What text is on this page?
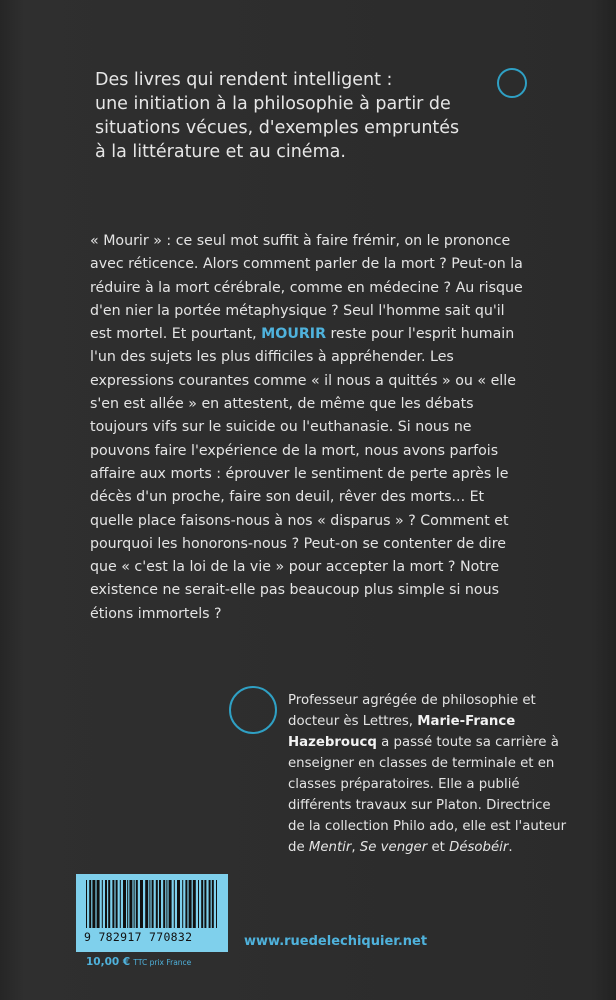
Des livres qui rendent intelligent :
une initiation à la philosophie à partir de
situations vécues, d'exemples empruntés
à la littérature et au cinéma.

« Mourir » : ce seul mot suffit à faire frémir, on le prononce avec réticence. Alors comment parler de la mort ? Peut-on la réduire à la mort cérébrale, comme en médecine ? Au risque d'en nier la portée métaphysique ? Seul l'homme sait qu'il est mortel. Et pourtant, MOURIR reste pour l'esprit humain l'un des sujets les plus difficiles à appréhender. Les expressions courantes comme « il nous a quittés » ou « elle s'en est allée » en attestent, de même que les débats toujours vifs sur le suicide ou l'euthanasie. Si nous ne pouvons faire l'expérience de la mort, nous avons parfois affaire aux morts : éprouver le sentiment de perte après le décès d'un proche, faire son deuil, rêver des morts... Et quelle place faisons-nous à nos « disparus » ? Comment et pourquoi les honorons-nous ? Peut-on se contenter de dire que « c'est la loi de la vie » pour accepter la mort ? Notre existence ne serait-elle pas beaucoup plus simple si nous étions immortels ?

Professeur agrégée de philosophie et docteur ès Lettres, Marie-France Hazebroucq a passé toute sa carrière à enseigner en classes de terminale et en classes préparatoires. Elle a publié différents travaux sur Platon. Directrice de la collection Philo ado, elle est l'auteur de Mentir, Se venger et Désobéir.

9 782917 770832	www.ruedelechiquier.net

10,00 € TTC prix France
